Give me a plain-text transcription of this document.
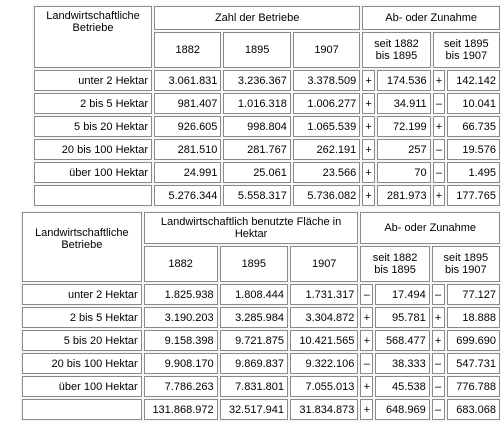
Landwirtschaftliche Betriebe	Zahl der Betriebe			Ab- oder Zunahme			
	1882	1895	1907	seit 1882 bis 1895		seit 1895 bis 1907	
unter 2 Hektar	3.061.831	3.236.367	3.378.509	+	174.536	+	142.142
2 bis 5 Hektar	981.407	1.016.318	1.006.277	+	34.911	–	10.041
5 bis 20 Hektar	926.605	998.804	1.065.539	+	72.199	+	66.735
20 bis 100 Hektar	281.510	281.767	262.191	+	257	–	19.576
über 100 Hektar	24.991	25.061	23.566	+	70	–	1.495
	5.276.344	5.558.317	5.736.082	+	281.973	+	177.765
Landwirtschaftliche Betriebe	Landwirtschaftlich benutzte Fläche in Hektar			Ab- oder Zunahme			
	1882	1895	1907	seit 1882 bis 1895		seit 1895 bis 1907	
unter 2 Hektar	1.825.938	1.808.444	1.731.317	–	17.494	–	77.127
2 bis 5 Hektar	3.190.203	3.285.984	3.304.872	+	95.781	+	18.888
5 bis 20 Hektar	9.158.398	9.721.875	10.421.565	+	568.477	+	699.690
20 bis 100 Hektar	9.908.170	9.869.837	9.322.106	–	38.333	–	547.731
über 100 Hektar	7.786.263	7.831.801	7.055.013	+	45.538	–	776.788
	131.868.972	32.517.941	31.834.873	+	648.969	–	683.068
